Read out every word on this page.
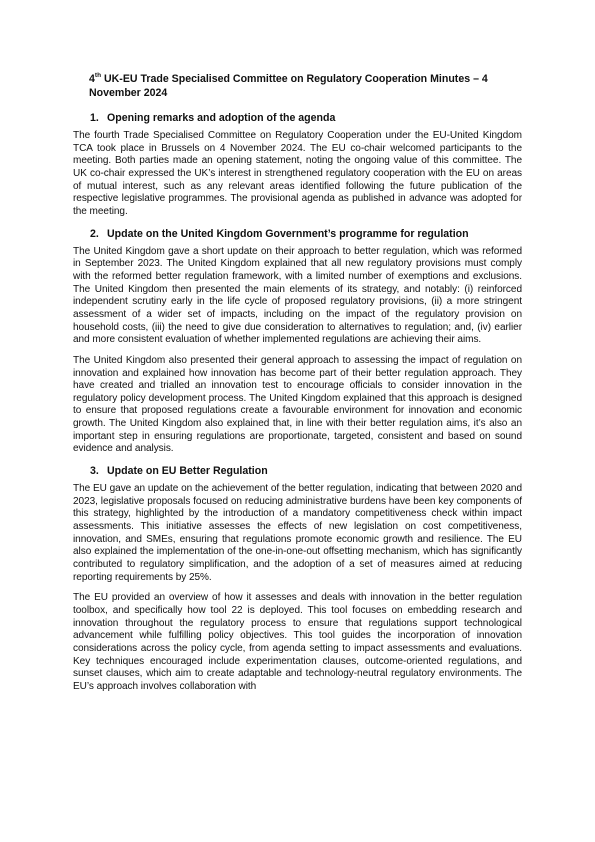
4th UK-EU Trade Specialised Committee on Regulatory Cooperation Minutes – 4 November 2024
1. Opening remarks and adoption of the agenda

The fourth Trade Specialised Committee on Regulatory Cooperation under the EU-United Kingdom TCA took place in Brussels on 4 November 2024. The EU co-chair welcomed participants to the meeting. Both parties made an opening statement, noting the ongoing value of this committee. The UK co-chair expressed the UK’s interest in strengthened regulatory cooperation with the EU on areas of mutual interest, such as any relevant areas identified following the future publication of the respective legislative programmes. The provisional agenda as published in advance was adopted for the meeting.

2. Update on the United Kingdom Government’s programme for regulation

The United Kingdom gave a short update on their approach to better regulation, which was reformed in September 2023. The United Kingdom explained that all new regulatory provisions must comply with the reformed better regulation framework, with a limited number of exemptions and exclusions. The United Kingdom then presented the main elements of its strategy, and notably: (i) reinforced independent scrutiny early in the life cycle of proposed regulatory provisions, (ii) a more stringent assessment of a wider set of impacts, including on the impact of the regulatory provision on household costs, (iii) the need to give due consideration to alternatives to regulation; and, (iv) earlier and more consistent evaluation of whether implemented regulations are achieving their aims.

The United Kingdom also presented their general approach to assessing the impact of regulation on innovation and explained how innovation has become part of their better regulation approach. They have created and trialled an innovation test to encourage officials to consider innovation in the regulatory policy development process. The United Kingdom explained that this approach is designed to ensure that proposed regulations create a favourable environment for innovation and economic growth. The United Kingdom also explained that, in line with their better regulation aims, it’s also an important step in ensuring regulations are proportionate, targeted, consistent and based on sound evidence and analysis.

3. Update on EU Better Regulation

The EU gave an update on the achievement of the better regulation, indicating that between 2020 and 2023, legislative proposals focused on reducing administrative burdens have been key components of this strategy, highlighted by the introduction of a mandatory competitiveness check within impact assessments. This initiative assesses the effects of new legislation on cost competitiveness, innovation, and SMEs, ensuring that regulations promote economic growth and resilience. The EU also explained the implementation of the one-in-one-out offsetting mechanism, which has significantly contributed to regulatory simplification, and the adoption of a set of measures aimed at reducing reporting requirements by 25%.

The EU provided an overview of how it assesses and deals with innovation in the better regulation toolbox, and specifically how tool 22 is deployed. This tool focuses on embedding research and innovation throughout the regulatory process to ensure that regulations support technological advancement while fulfilling policy objectives. This tool guides the incorporation of innovation considerations across the policy cycle, from agenda setting to impact assessments and evaluations. Key techniques encouraged include experimentation clauses, outcome-oriented regulations, and sunset clauses, which aim to create adaptable and technology-neutral regulatory environments. The EU’s approach involves collaboration with
